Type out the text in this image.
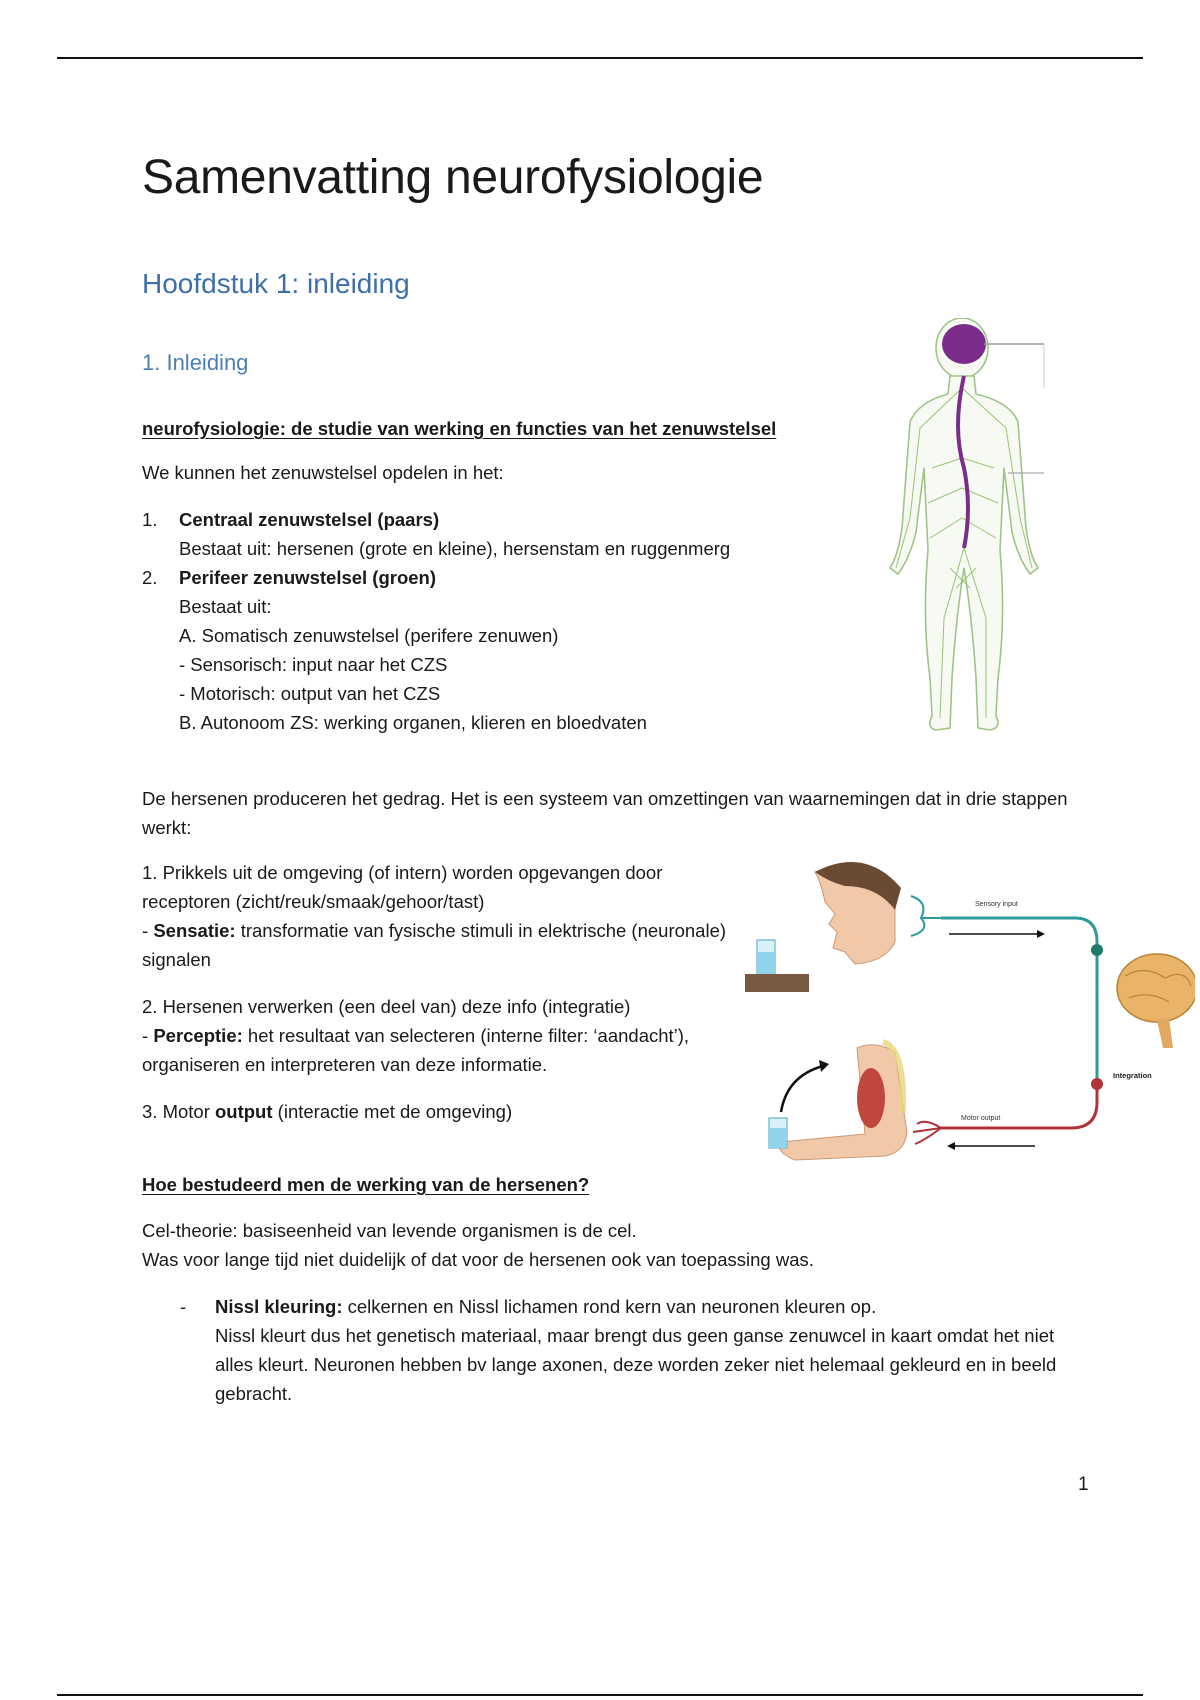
Samenvatting neurofysiologie
Hoofdstuk 1: inleiding
1. Inleiding

neurofysiologie: de studie van werking en functies van het zenuwstelsel

We kunnen het zenuwstelsel opdelen in het:

1. Centraal zenuwstelsel (paars)
Bestaat uit: hersenen (grote en kleine), hersenstam en ruggenmerg
2. Perifeer zenuwstelsel (groen)
Bestaat uit:
A. Somatisch zenuwstelsel (perifere zenuwen)
- Sensorisch: input naar het CZS
- Motorisch: output van het CZS
B. Autonoom ZS: werking organen, klieren en bloedvaten

De hersenen produceren het gedrag. Het is een systeem van omzettingen van waarnemingen dat in drie stappen werkt:

1. Prikkels uit de omgeving (of intern) worden opgevangen door receptoren (zicht/reuk/smaak/gehoor/tast)
- Sensatie: transformatie van fysische stimuli in elektrische (neuronale) signalen

2. Hersenen verwerken (een deel van) deze info (integratie)
- Perceptie: het resultaat van selecteren (interne filter: ‘aandacht’), organiseren en interpreteren van deze informatie.

3. Motor output (interactie met de omgeving)

Sensory input
Integration
Motor output

Hoe bestudeerd men de werking van de hersenen?

Cel-theorie: basiseenheid van levende organismen is de cel.

Was voor lange tijd niet duidelijk of dat voor de hersenen ook van toepassing was.

- Nissl kleuring: celkernen en Nissl lichamen rond kern van neuronen kleuren op.
Nissl kleurt dus het genetisch materiaal, maar brengt dus geen ganse zenuwcel in kaart omdat het niet alles kleurt. Neuronen hebben bv lange axonen, deze worden zeker niet helemaal gekleurd en in beeld gebracht.
1
